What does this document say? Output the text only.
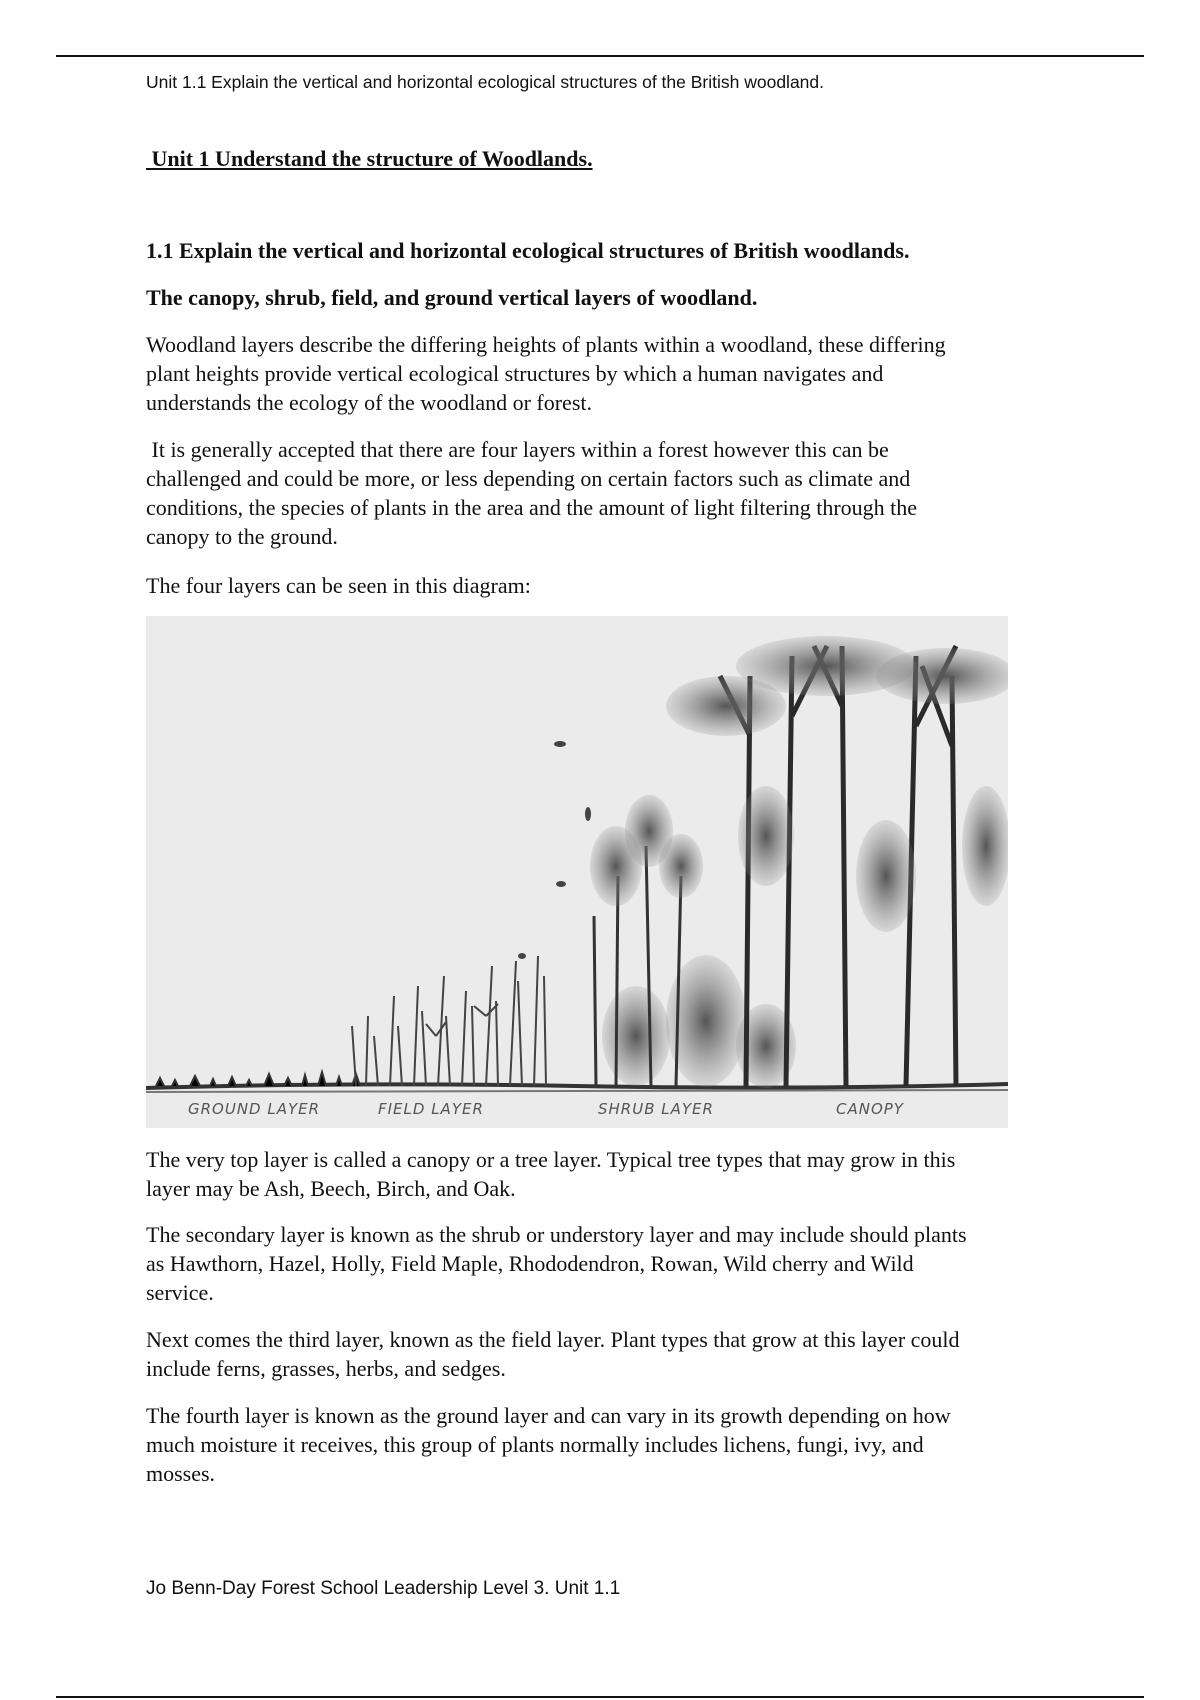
Unit 1.1 Explain the vertical and horizontal ecological structures of the British woodland.
Unit 1 Understand the structure of Woodlands.
1.1 Explain the vertical and horizontal ecological structures of British woodlands.
The canopy, shrub, field, and ground vertical layers of woodland.

Woodland layers describe the differing heights of plants within a woodland, these differing
plant heights provide vertical ecological structures by which a human navigates and
understands the ecology of the woodland or forest.

It is generally accepted that there are four layers within a forest however this can be
challenged and could be more, or less depending on certain factors such as climate and
conditions, the species of plants in the area and the amount of light filtering through the
canopy to the ground.

The four layers can be seen in this diagram:

GROUND LAYER	FIELD LAYER	SHRUB LAYER	CANOPY

The very top layer is called a canopy or a tree layer. Typical tree types that may grow in this
layer may be Ash, Beech, Birch, and Oak.

The secondary layer is known as the shrub or understory layer and may include should plants
as Hawthorn, Hazel, Holly, Field Maple, Rhododendron, Rowan, Wild cherry and Wild
service.

Next comes the third layer, known as the field layer. Plant types that grow at this layer could
include ferns, grasses, herbs, and sedges.

The fourth layer is known as the ground layer and can vary in its growth depending on how
much moisture it receives, this group of plants normally includes lichens, fungi, ivy, and
mosses.

Jo Benn-Day Forest School Leadership Level 3. Unit 1.1
